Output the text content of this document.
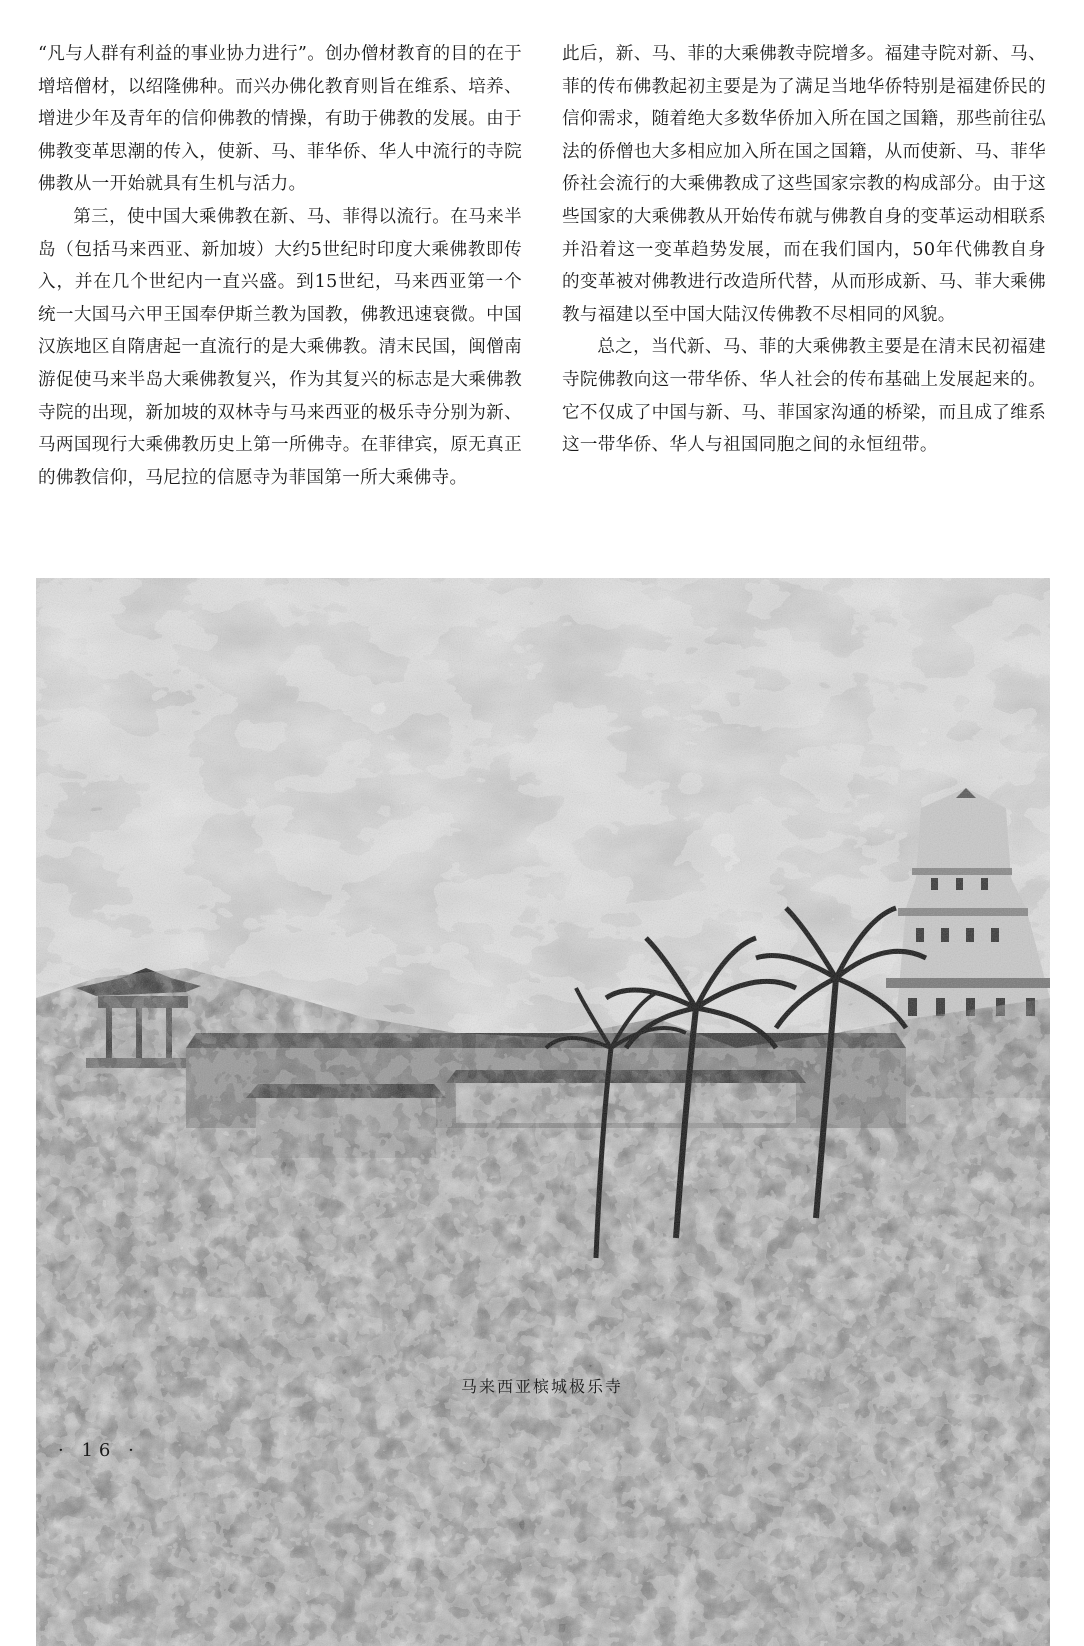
“凡与人群有利益的事业协力进行”。创办僧材教育的目的在于增培僧材，以绍隆佛种。而兴办佛化教育则旨在维系、培养、增进少年及青年的信仰佛教的情操，有助于佛教的发展。由于佛教变革思潮的传入，使新、马、菲华侨、华人中流行的寺院佛教从一开始就具有生机与活力。

第三，使中国大乘佛教在新、马、菲得以流行。在马来半岛（包括马来西亚、新加坡）大约5世纪时印度大乘佛教即传入，并在几个世纪内一直兴盛。到15世纪，马来西亚第一个统一大国马六甲王国奉伊斯兰教为国教，佛教迅速衰微。中国汉族地区自隋唐起一直流行的是大乘佛教。清末民国，闽僧南游促使马来半岛大乘佛教复兴，作为其复兴的标志是大乘佛教寺院的出现，新加坡的双林寺与马来西亚的极乐寺分别为新、马两国现行大乘佛教历史上第一所佛寺。在菲律宾，原无真正的佛教信仰，马尼拉的信愿寺为菲国第一所大乘佛寺。

此后，新、马、菲的大乘佛教寺院增多。福建寺院对新、马、菲的传布佛教起初主要是为了满足当地华侨特别是福建侨民的信仰需求，随着绝大多数华侨加入所在国之国籍，那些前往弘法的侨僧也大多相应加入所在国之国籍，从而使新、马、菲华侨社会流行的大乘佛教成了这些国家宗教的构成部分。由于这些国家的大乘佛教从开始传布就与佛教自身的变革运动相联系并沿着这一变革趋势发展，而在我们国内，50年代佛教自身的变革被对佛教进行改造所代替，从而形成新、马、菲大乘佛教与福建以至中国大陆汉传佛教不尽相同的风貌。

总之，当代新、马、菲的大乘佛教主要是在清末民初福建寺院佛教向这一带华侨、华人社会的传布基础上发展起来的。它不仅成了中国与新、马、菲国家沟通的桥梁，而且成了维系这一带华侨、华人与祖国同胞之间的永恒纽带。

马来西亚槟城极乐寺
· 16 ·
